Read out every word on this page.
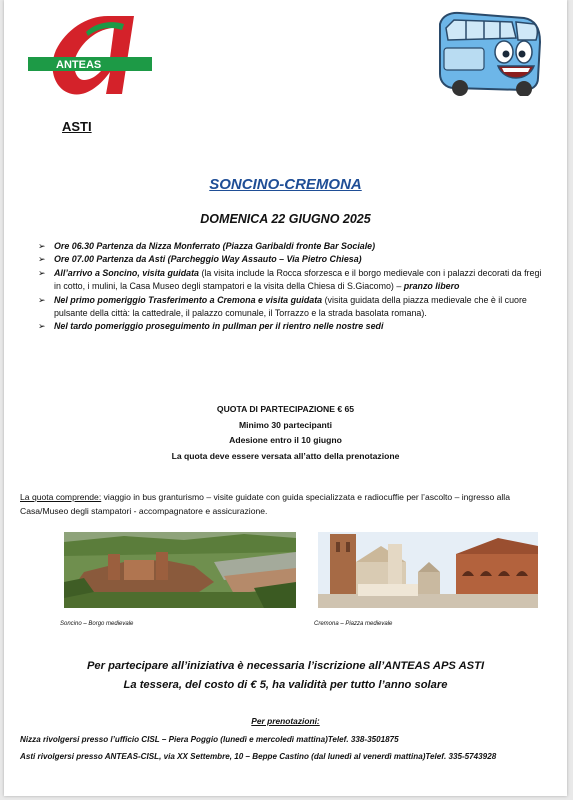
ANTEAS
ASTI
SONCINO-CREMONA
DOMENICA 22 GIUGNO 2025
➢ Ore 06.30 Partenza da Nizza Monferrato (Piazza Garibaldi fronte Bar Sociale)
➢ Ore 07.00 Partenza da Asti (Parcheggio Way Assauto – Via Pietro Chiesa)
➢ All’arrivo a Soncino, visita guidata (la visita include la Rocca sforzesca e il borgo medievale con i palazzi decorati da fregi in cotto, i mulini, la Casa Museo degli stampatori e la visita della Chiesa di S.Giacomo) – pranzo libero
➢ Nel primo pomeriggio Trasferimento a Cremona e visita guidata (visita guidata della piazza medievale che è il cuore pulsante della città: la cattedrale, il palazzo comunale, il Torrazzo e la strada basolata romana).
➢ Nel tardo pomeriggio proseguimento in pullman per il rientro nelle nostre sedi
QUOTA DI PARTECIPAZIONE € 65
Minimo 30 partecipanti
Adesione entro il 10 giugno
La quota deve essere versata all’atto della prenotazione
La quota comprende: viaggio in bus granturismo – visite guidate con guida specializzata e radiocuffie per l’ascolto – ingresso alla Casa/Museo degli stampatori - accompagnatore e assicurazione.
Soncino – Borgo medievale	Cremona – Piazza medievale
Per partecipare all’iniziativa è necessaria l’iscrizione all’ANTEAS APS ASTI
La tessera, del costo di € 5, ha validità per tutto l’anno solare
Per prenotazioni:
Nizza rivolgersi presso l’ufficio CISL – Piera Poggio (lunedì e mercoledì mattina)Telef. 338-3501875
Asti rivolgersi presso ANTEAS-CISL, via XX Settembre, 10 – Beppe Castino (dal lunedì al venerdì mattina)Telef. 335-5743928
